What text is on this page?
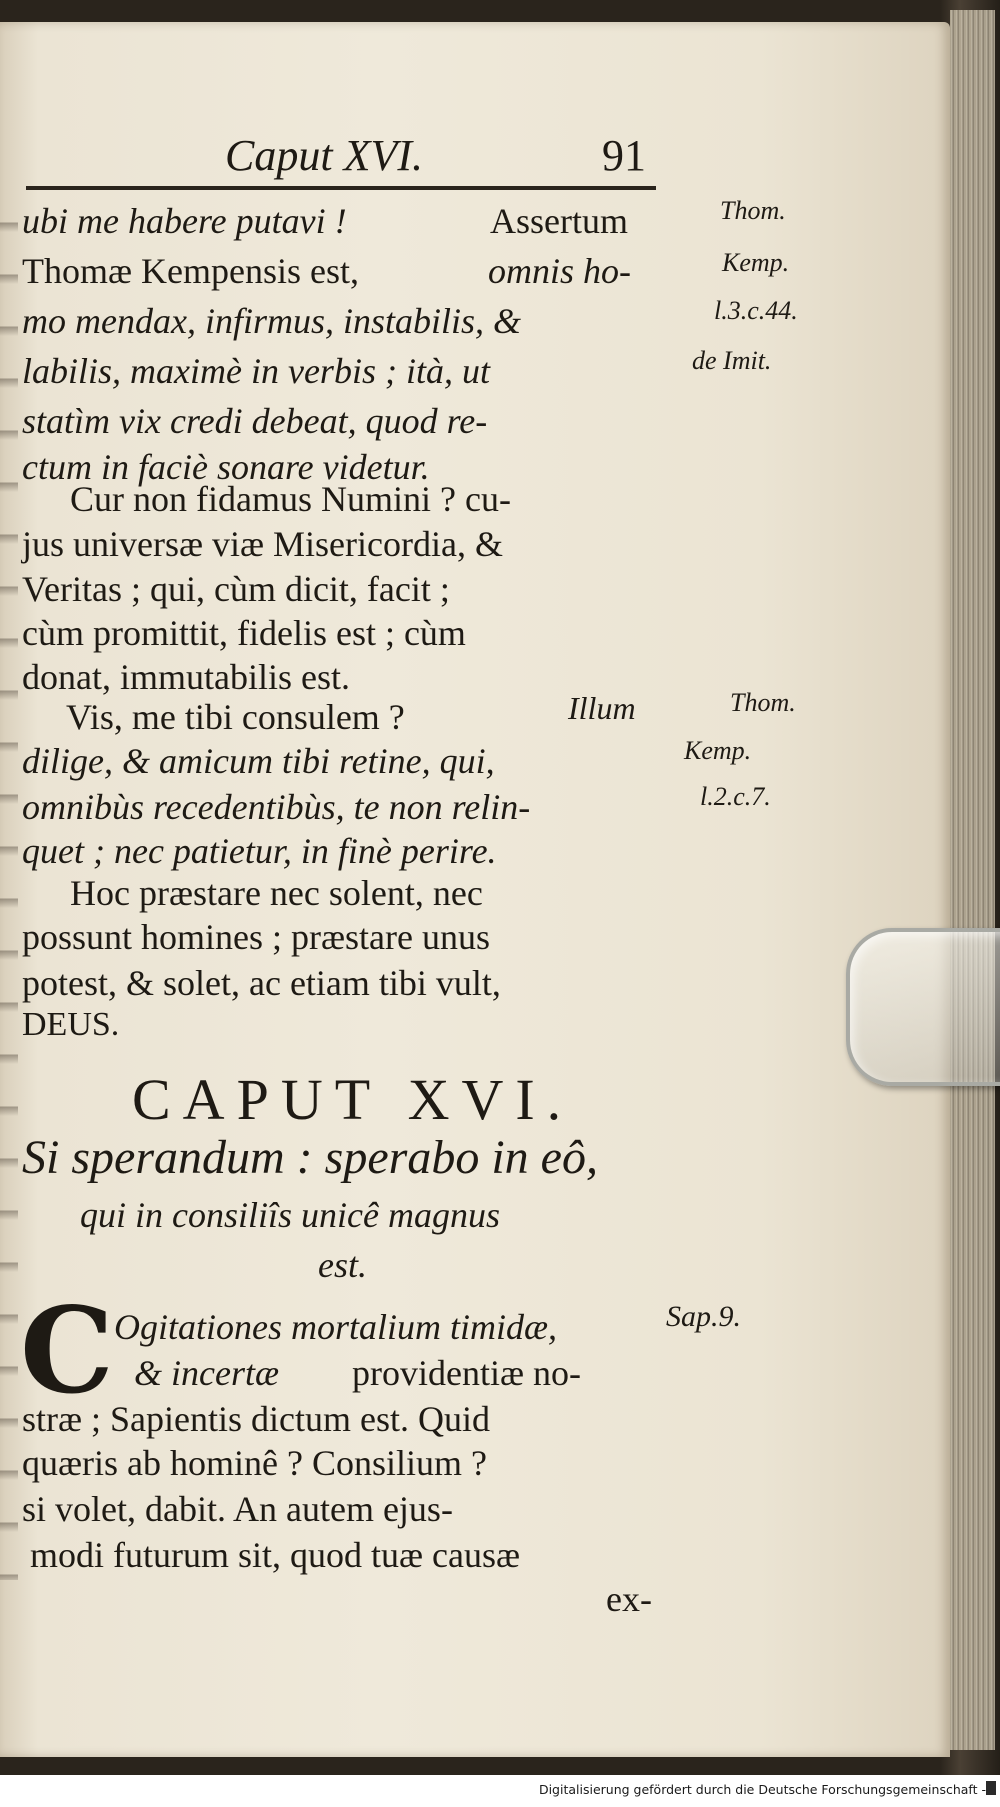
Caput XVI.	91
ubi me habere putavi !	Assertum
Thomæ Kempensis est,	omnis ho-
mo mendax, infirmus, instabilis, &
labilis, maximè in verbis ; ità, ut
statìm vix credi debeat, quod re-
ctum in faciè sonare videtur.
Thom.
Kemp.
l.3.c.44.
de Imit.
Cur non fidamus Numini ? cu-
jus universæ viæ Misericordia, &
Veritas ; qui, cùm dicit, facit ;
cùm promittit, fidelis est ; cùm
donat, immutabilis est.
Vis, me tibi consulem ?	Illum
dilige, & amicum tibi retine, qui,
omnibùs recedentibùs, te non relin-
quet ; nec patietur, in finè perire.
Thom.
Kemp.
l.2.c.7.
Hoc præstare nec solent, nec
possunt homines ; præstare unus
potest, & solet, ac etiam tibi vult,
DEUS.
CAPUT XVI.
Si sperandum : sperabo in eô,
qui in consiliîs unicê magnus
est.
C Ogitationes mortalium timidæ,	Sap.9.
& incertæ providentiæ no-
stræ ; Sapientis dictum est. Quid
quæris ab hominê ? Consilium ?
si volet, dabit. An autem ejus-
modi futurum sit, quod tuæ causæ
ex-
Digitalisierung gefördert durch die Deutsche Forschungsgemeinschaft -
